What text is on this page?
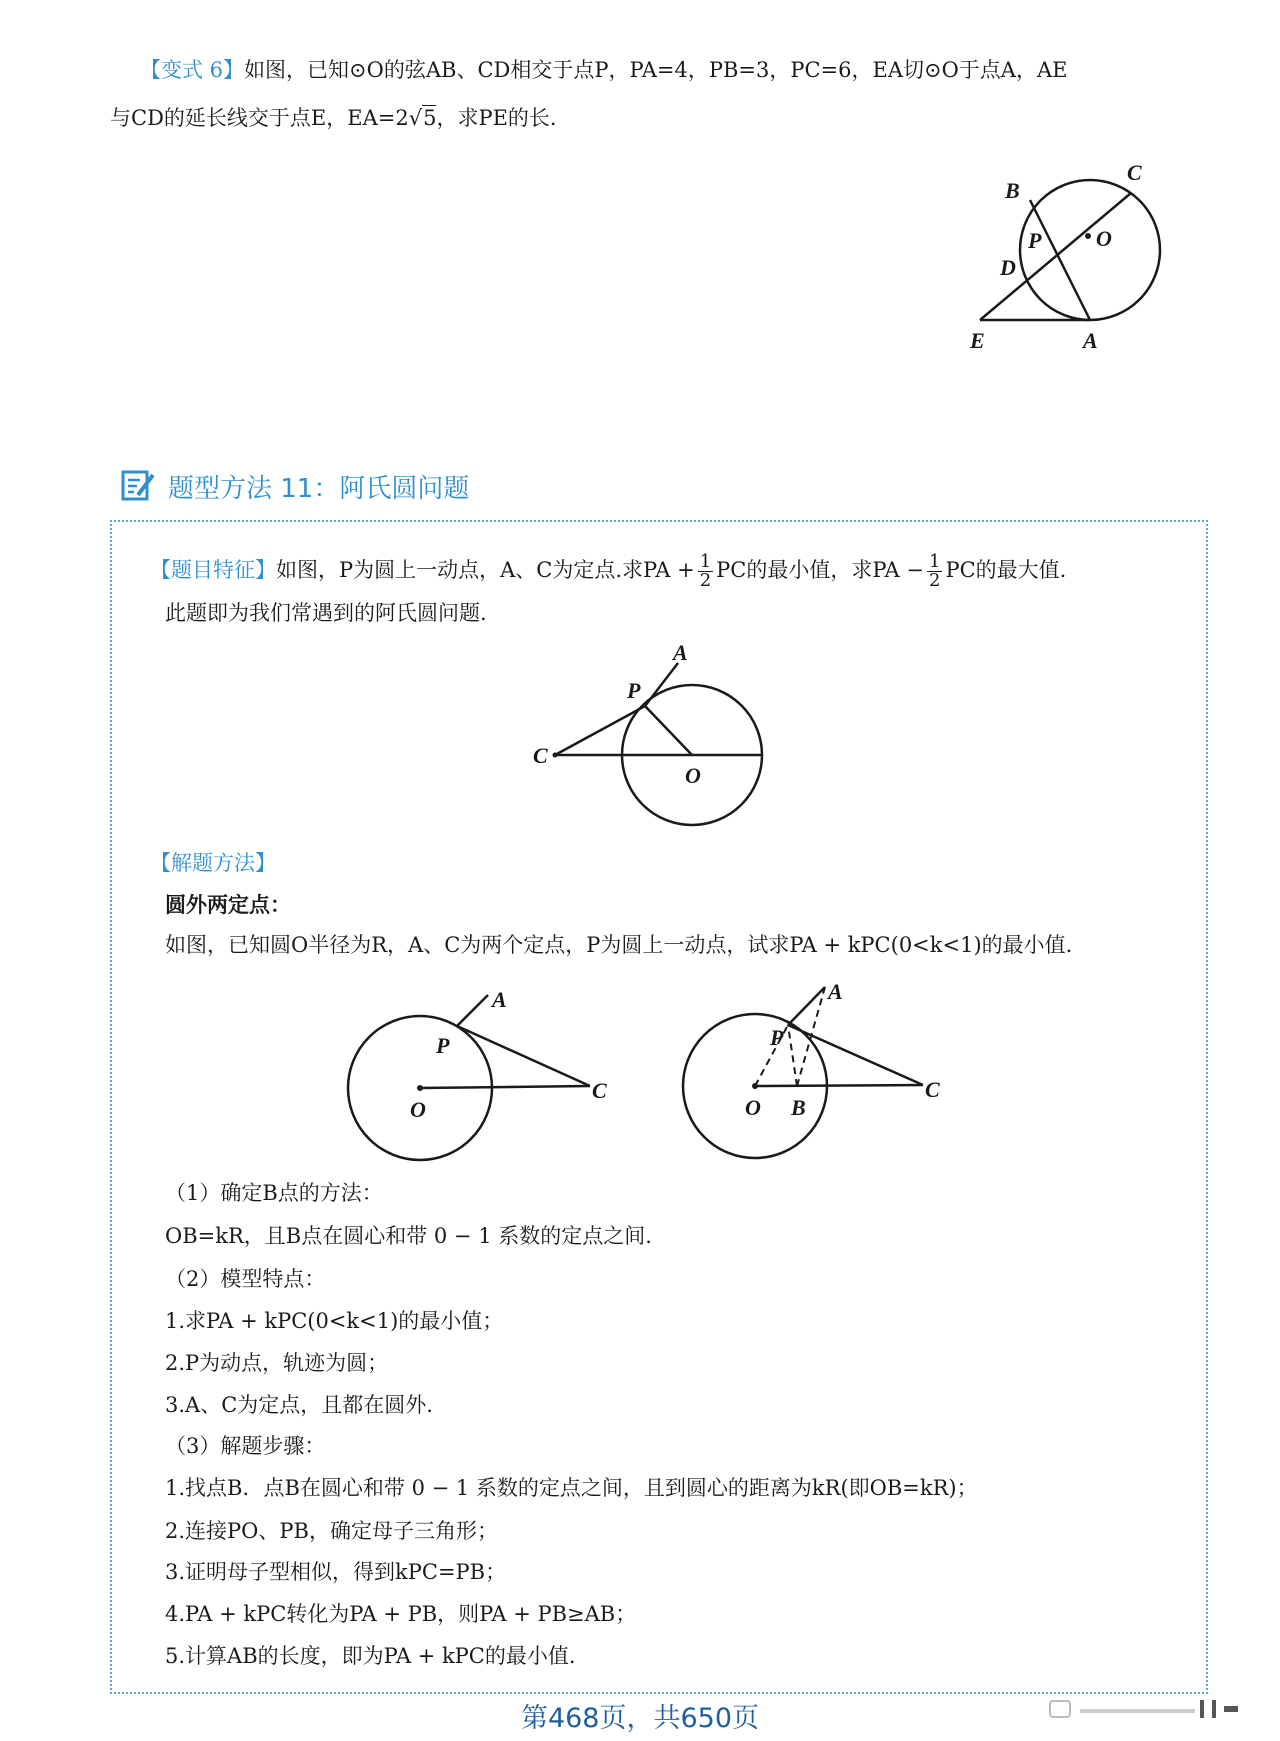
【变式 6】如图，已知⊙O的弦AB、CD相交于点P，PA=4，PB=3，PC=6，EA切⊙O于点A，AE
与CD的延长线交于点E，EA=2√5，求PE的长.
C
B
P O
D
E	A
题型方法 11：阿氏圆问题
【题目特征】如图，P为圆上一动点，A、C为定点.求PA + $\frac{1}{2}$ PC的最小值，求PA − $\frac{1}{2}$ PC的最大值.
此题即为我们常遇到的阿氏圆问题.
A
P
C
O
【解题方法】
圆外两定点：
如图，已知圆O半径为R，A、C为两个定点，P为圆上一动点，试求PA + kPC(0<k<1)的最小值.
A
P
O
C
A
P
O B
C
（1）确定B点的方法：
OB=kR，且B点在圆心和带 0 − 1 系数的定点之间.
（2）模型特点：
1.求PA + kPC(0<k<1)的最小值；
2.P为动点，轨迹为圆；
3.A、C为定点，且都在圆外.
（3）解题步骤：
1.找点B．点B在圆心和带 0 − 1 系数的定点之间，且到圆心的距离为kR(即OB=kR)；
2.连接PO、PB，确定母子三角形；
3.证明母子型相似，得到kPC=PB；
4.PA + kPC转化为PA + PB，则PA + PB≥AB；
5.计算AB的长度，即为PA + kPC的最小值.
第468页，共650页
